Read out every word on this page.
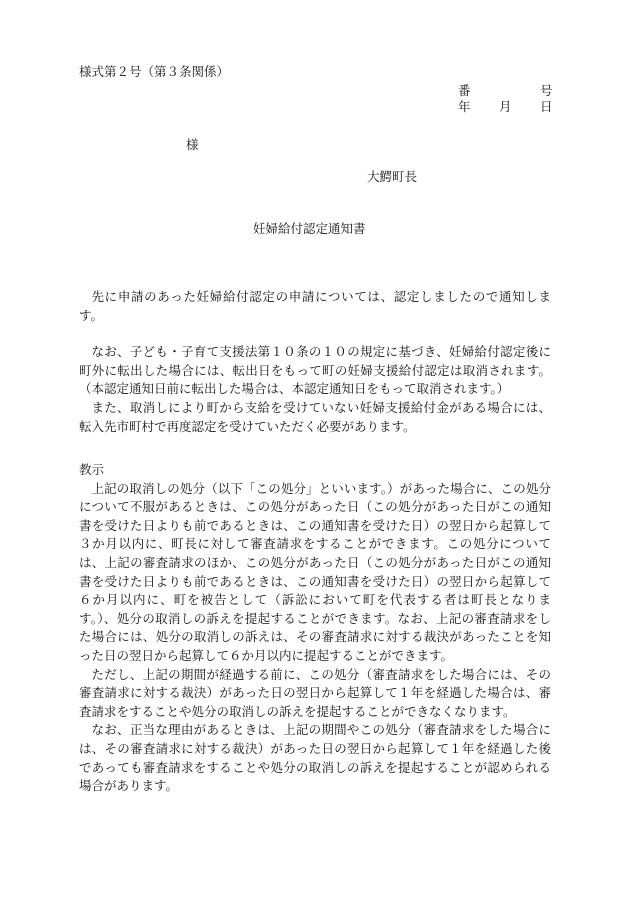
様式第２号（第３条関係）
番	号
年 月 日
様
大鰐町長
妊婦給付認定通知書

先に申請のあった妊婦給付認定の申請については、認定しましたので通知します。

なお、子ども・子育て支援法第１０条の１０の規定に基づき、妊婦給付認定後に町外に転出した場合には、転出日をもって町の妊婦支援給付認定は取消されます。（本認定通知日前に転出した場合は、本認定通知日をもって取消されます。）

また、取消しにより町から支給を受けていない妊婦支援給付金がある場合には、転入先市町村で再度認定を受けていただく必要があります。

教示

上記の取消しの処分（以下「この処分」といいます。）があった場合に、この処分について不服があるときは、この処分があった日（この処分があった日がこの通知書を受けた日よりも前であるときは、この通知書を受けた日）の翌日から起算して３か月以内に、町長に対して審査請求をすることができます。この処分については、上記の審査請求のほか、この処分があった日（この処分があった日がこの通知書を受けた日よりも前であるときは、この通知書を受けた日）の翌日から起算して６か月以内に、町を被告として（訴訟において町を代表する者は町長となります。）、処分の取消しの訴えを提起することができます。なお、上記の審査請求をした場合には、処分の取消しの訴えは、その審査請求に対する裁決があったことを知った日の翌日から起算して６か月以内に提起することができます。

ただし、上記の期間が経過する前に、この処分（審査請求をした場合には、その審査請求に対する裁決）があった日の翌日から起算して１年を経過した場合は、審査請求をすることや処分の取消しの訴えを提起することができなくなります。

なお、正当な理由があるときは、上記の期間やこの処分（審査請求をした場合には、その審査請求に対する裁決）があった日の翌日から起算して１年を経過した後であっても審査請求をすることや処分の取消しの訴えを提起することが認められる場合があります。
